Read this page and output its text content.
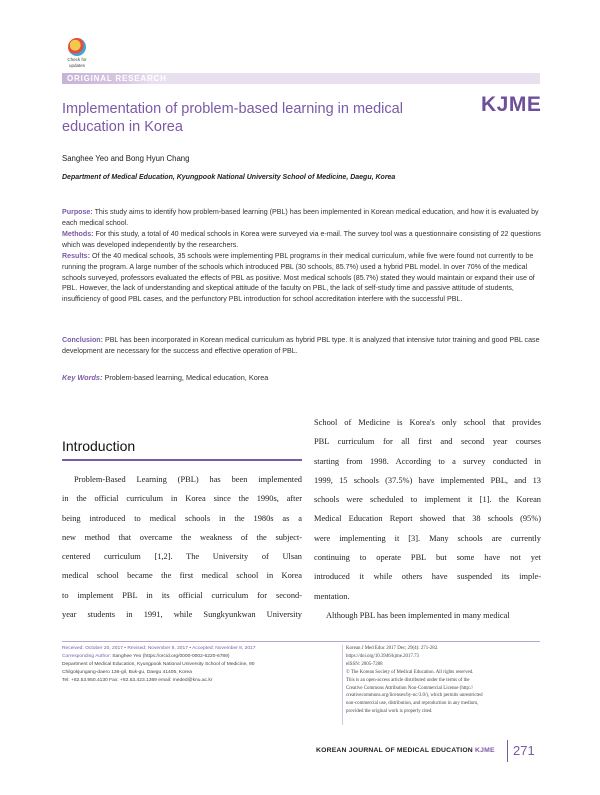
Check for
updates
ORIGINAL RESEARCH
Implementation of problem-based learning in medical education in Korea
KJME
Sanghee Yeo and Bong Hyun Chang
Department of Medical Education, Kyungpook National University School of Medicine, Daegu, Korea
Purpose: This study aims to identify how problem-based learning (PBL) has been implemented in Korean medical education, and how it is evaluated by each medical school.
Methods: For this study, a total of 40 medical schools in Korea were surveyed via e-mail. The survey tool was a questionnaire consisting of 22 questions which was developed independently by the researchers.
Results: Of the 40 medical schools, 35 schools were implementing PBL programs in their medical curriculum, while five were found not currently to be running the program. A large number of the schools which introduced PBL (30 schools, 85.7%) used a hybrid PBL model. In over 70% of the medical schools surveyed, professors evaluated the effects of PBL as positive. Most medical schools (85.7%) stated they would maintain or expand their use of PBL. However, the lack of understanding and skeptical attitude of the faculty on PBL, the lack of self-study time and passive attitude of students, insufficiency of good PBL cases, and the perfunctory PBL introduction for school accreditation interfere with the successful PBL.
Conclusion: PBL has been incorporated in Korean medical curriculum as hybrid PBL type. It is analyzed that intensive tutor training and good PBL case development are necessary for the success and effective operation of PBL.
Key Words: Problem-based learning, Medical education, Korea
Introduction
Problem-Based Learning (PBL) has been implemented
in the official curriculum in Korea since the 1990s, after
being introduced to medical schools in the 1980s as a
new method that overcame the weakness of the subject-
centered curriculum [1,2]. The University of Ulsan
medical school became the first medical school in Korea
to implement PBL in its official curriculum for second-
year students in 1991, while Sungkyunkwan University
School of Medicine is Korea's only school that provides
PBL curriculum for all first and second year courses
starting from 1998. According to a survey conducted in
1999, 15 schools (37.5%) have implemented PBL, and 13
schools were scheduled to implement it [1]. the Korean
Medical Education Report showed that 38 schools (95%)
were implementing it [3]. Many schools are currently
continuing to operate PBL but some have not yet
introduced it while others have suspended its imple-
mentation.
Although PBL has been implemented in many medical
Received: October 20, 2017 • Revised: November 8, 2017 • Accepted: November 8, 2017
Corresponding Author: Sanghee Yeo (https://orcid.org/0000-0002-6220-6789)
Department of Medical Education, Kyungpook National University School of Medicine, 90
Chilgokjungang-daero 136-gil, Buk-gu, Daegu 41405, Korea
Tel: +82.53.950.4130 Fax: +82.53.423.1369 email: meded@knu.ac.kr
Korean J Med Educ 2017 Dec; 29(4): 271-282.
https://doi.org/10.3946/kjme.2017.73
eISSN: 2005-7288
© The Korean Society of Medical Education. All rights reserved.
This is an open-access article distributed under the terms of the
Creative Commons Attribution Non-Commercial License (http://
creativecommons.org/licenses/by-nc/3.0/), which permits unrestricted
non-commercial use, distribution, and reproduction in any medium,
provided the original work is properly cited.
KOREAN JOURNAL OF MEDICAL EDUCATION KJME 271
